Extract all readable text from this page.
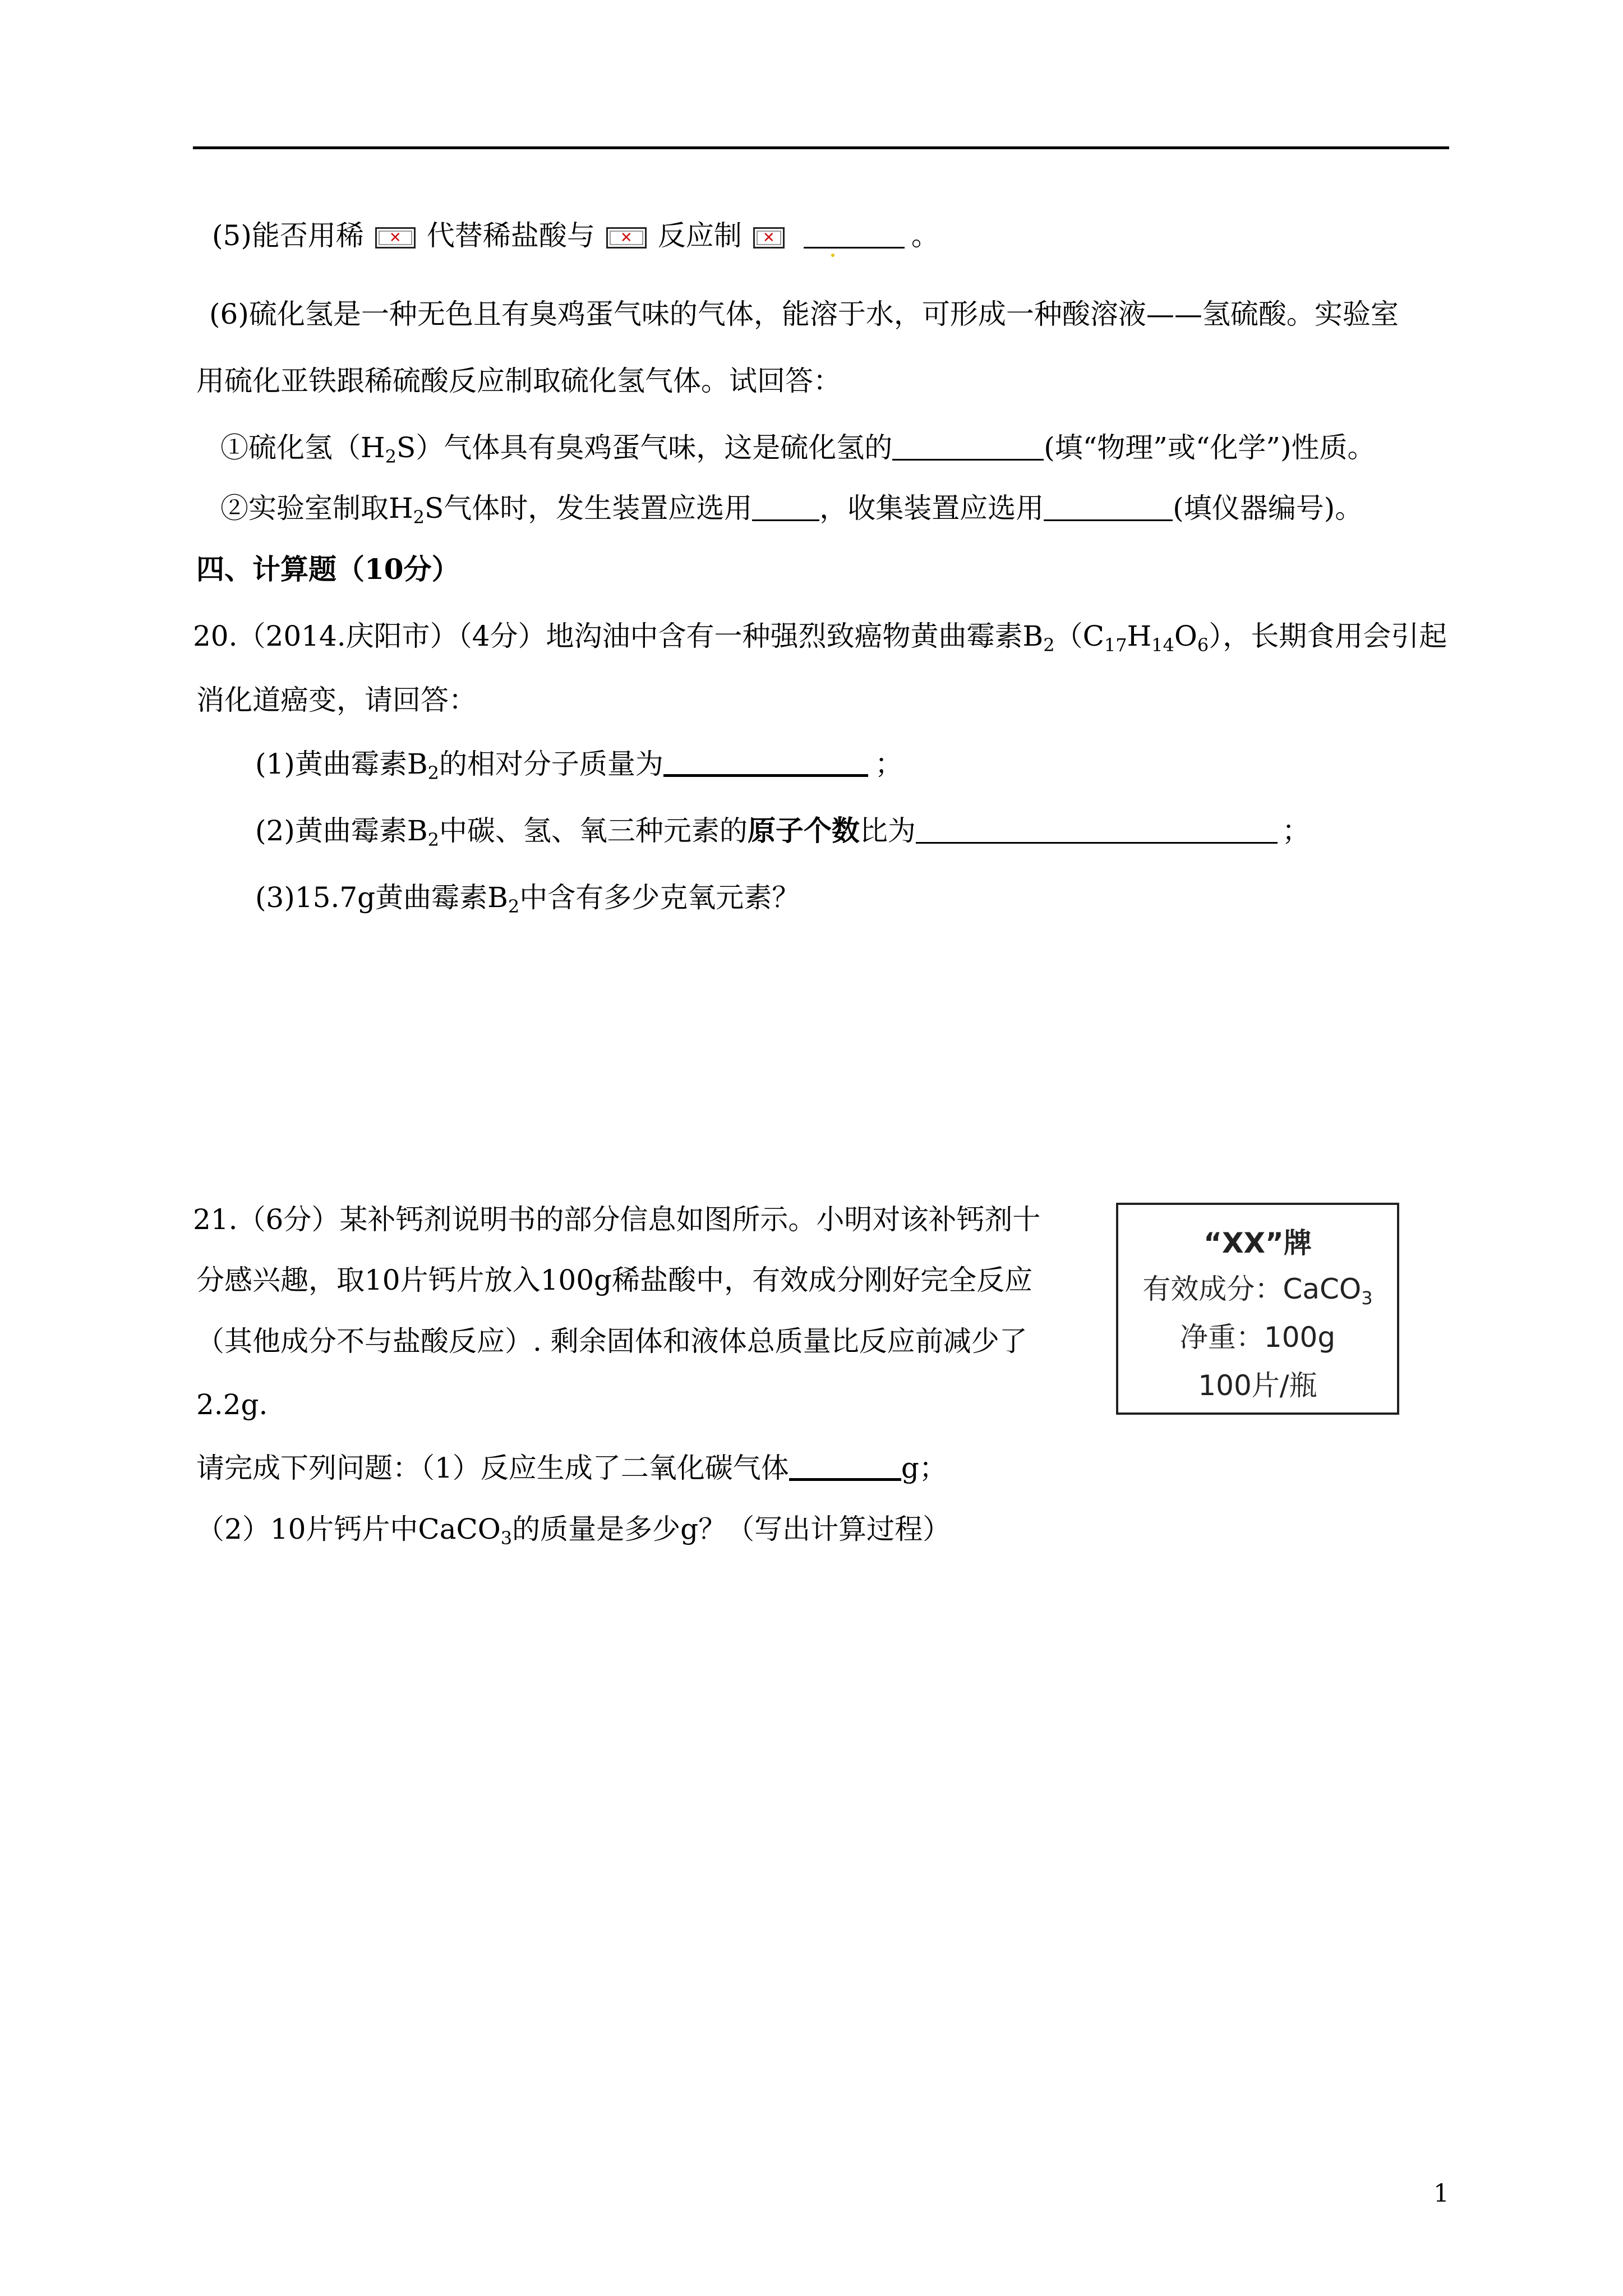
(5)能否用稀	✕ 代替稀盐酸与	✕ 反应制	✕	。
(6)硫化氢是一种无色且有臭鸡蛋气味的气体，能溶于水，可形成一种酸溶液——氢硫酸。实验室
用硫化亚铁跟稀硫酸反应制取硫化氢气体。试回答：
①硫化氢$(H_2S)$气体具有臭鸡蛋气味，这是硫化氢的	(填“物理”或“化学”)性质。
②实验室制取$H_2S$气体时，发生装置应选用 ，收集装置应选用	(填仪器编号)。
四、计算题（10分）
20.（2014.庆阳市）（4分）地沟油中含有一种强烈致癌物黄曲霉素$B_2(C_{17}H_{14}O_6)$，长期食用会引起
消化道癌变，请回答：
(1)黄曲霉素$B_2$的相对分子质量为	；
(2)黄曲霉素$B_2$中碳、氢、氧三种元素的原子个数比为	；
(3)15.7g黄曲霉素$B_2$中含有多少克氧元素？
21.（6分）某补钙剂说明书的部分信息如图所示。小明对该补钙剂十
分感兴趣，取10片钙片放入100g稀盐酸中，有效成分刚好完全反应
（其他成分不与盐酸反应）. 剩余固体和液体总质量比反应前减少了
2.2g.
请完成下列问题：（1）反应生成了二氧化碳气体	g；
（2）10片钙片中CaCO$_3$的质量是多少g？（写出计算过程）
“XX”牌
有效成分：CaCO$_3$
净重：100g
100片/瓶
1
